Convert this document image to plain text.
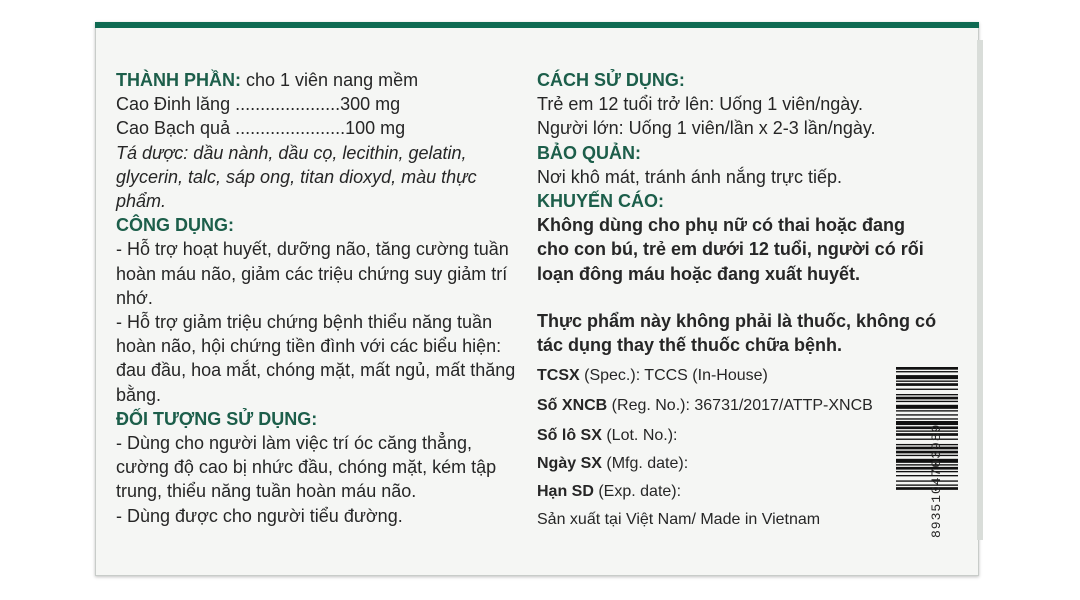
THÀNH PHẦN: cho 1 viên nang mềm
Cao Đinh lăng .....................300 mg
Cao Bạch quả ......................100 mg
Tá dược: dầu nành, dầu cọ, lecithin, gelatin, glycerin, talc, sáp ong, titan dioxyd, màu thực phẩm.
CÔNG DỤNG:
- Hỗ trợ hoạt huyết, dưỡng não, tăng cường tuần hoàn máu não, giảm các triệu chứng suy giảm trí nhớ.
- Hỗ trợ giảm triệu chứng bệnh thiểu năng tuần hoàn não, hội chứng tiền đình với các biểu hiện: đau đầu, hoa mắt, chóng mặt, mất ngủ, mất thăng bằng.
ĐỐI TƯỢNG SỬ DỤNG:
- Dùng cho người làm việc trí óc căng thẳng, cường độ cao bị nhức đầu, chóng mặt, kém tập trung, thiểu năng tuần hoàn máu não.
- Dùng được cho người tiểu đường.
CÁCH SỬ DỤNG:
Trẻ em 12 tuổi trở lên: Uống 1 viên/ngày.
Người lớn: Uống 1 viên/lần x 2-3 lần/ngày.
BẢO QUẢN:
Nơi khô mát, tránh ánh nắng trực tiếp.
KHUYẾN CÁO:
Không dùng cho phụ nữ có thai hoặc đang cho con bú, trẻ em dưới 12 tuổi, người có rối loạn đông máu hoặc đang xuất huyết.
Thực phẩm này không phải là thuốc, không có tác dụng thay thế thuốc chữa bệnh.
TCSX (Spec.): TCCS (In-House)
Số XNCB (Reg. No.): 36731/2017/ATTP-XNCB
Số lô SX (Lot. No.):
Ngày SX (Mfg. date):
Hạn SD (Exp. date):
Sản xuất tại Việt Nam/ Made in Vietnam	8935104703989
